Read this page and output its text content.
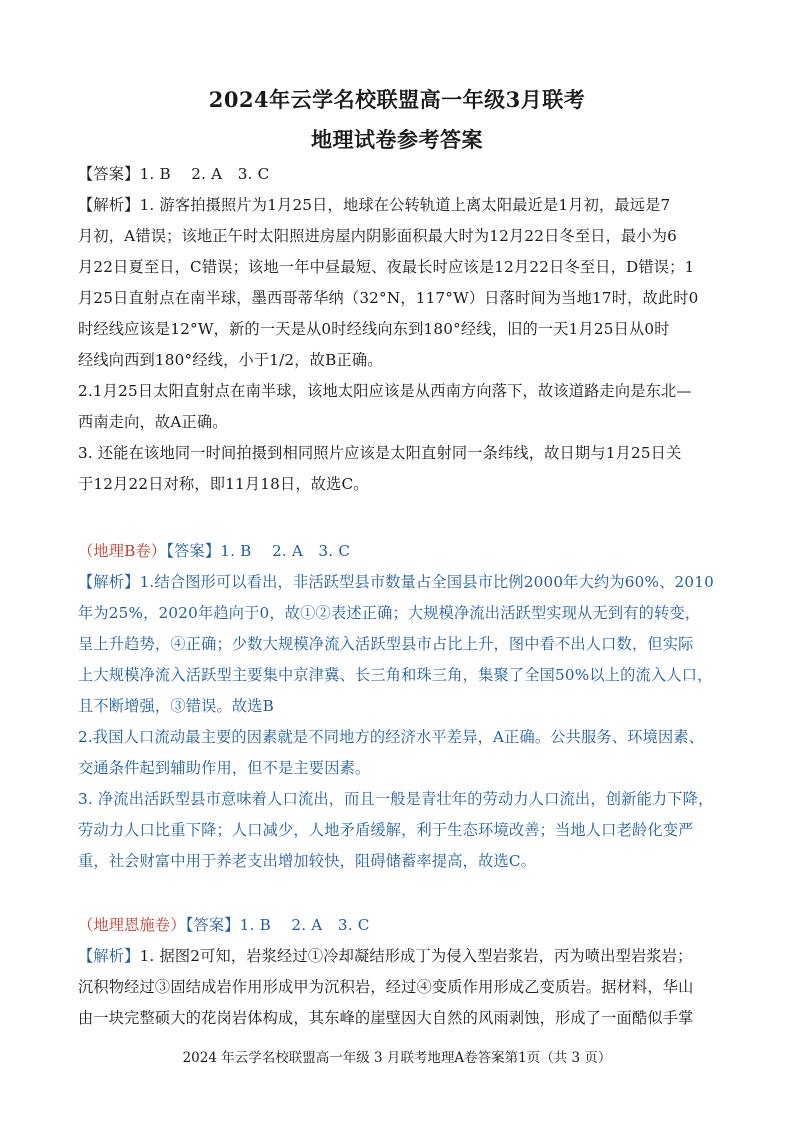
2024年云学名校联盟高一年级3月联考
地理试卷参考答案
【答案】1. B　 2. A　3. C
【解析】1. 游客拍摄照片为1月25日，地球在公转轨道上离太阳最近是1月初，最远是7
月初，A错误；该地正午时太阳照进房屋内阴影面积最大时为12月22日冬至日，最小为6
月22日夏至日，C错误；该地一年中昼最短、夜最长时应该是12月22日冬至日，D错误；1
月25日直射点在南半球，墨西哥蒂华纳（32°N，117°W）日落时间为当地17时，故此时0
时经线应该是12°W，新的一天是从0时经线向东到180°经线，旧的一天1月25日从0时
经线向西到180°经线，小于1/2，故B正确。
2.1月25日太阳直射点在南半球，该地太阳应该是从西南方向落下，故该道路走向是东北—
西南走向，故A正确。
3. 还能在该地同一时间拍摄到相同照片应该是太阳直射同一条纬线，故日期与1月25日关
于12月22日对称，即11月18日，故选C。
（地理B卷）【答案】1. B　 2. A　3. C
【解析】1.结合图形可以看出，非活跃型县市数量占全国县市比例2000年大约为60%、2010
年为25%，2020年趋向于0，故①②表述正确；大规模净流出活跃型实现从无到有的转变，
呈上升趋势，④正确；少数大规模净流入活跃型县市占比上升，图中看不出人口数，但实际
上大规模净流入活跃型主要集中京津冀、长三角和珠三角，集聚了全国50%以上的流入人口，
且不断增强，③错误。故选B
2.我国人口流动最主要的因素就是不同地方的经济水平差异，A正确。公共服务、环境因素、
交通条件起到辅助作用，但不是主要因素。
3. 净流出活跃型县市意味着人口流出，而且一般是青壮年的劳动力人口流出，创新能力下降，
劳动力人口比重下降；人口减少，人地矛盾缓解，利于生态环境改善；当地人口老龄化变严
重，社会财富中用于养老支出增加较快，阻碍储蓄率提高，故选C。
（地理恩施卷）【答案】1. B　 2. A　3. C
【解析】1. 据图2可知，岩浆经过①冷却凝结形成丁为侵入型岩浆岩，丙为喷出型岩浆岩；
沉积物经过③固结成岩作用形成甲为沉积岩，经过④变质作用形成乙变质岩。据材料，华山
由一块完整硕大的花岗岩体构成，其东峰的崖壁因大自然的风雨剥蚀，形成了一面酷似手掌
2024 年云学名校联盟高一年级 3 月联考地理A卷答案第1页（共 3 页）
